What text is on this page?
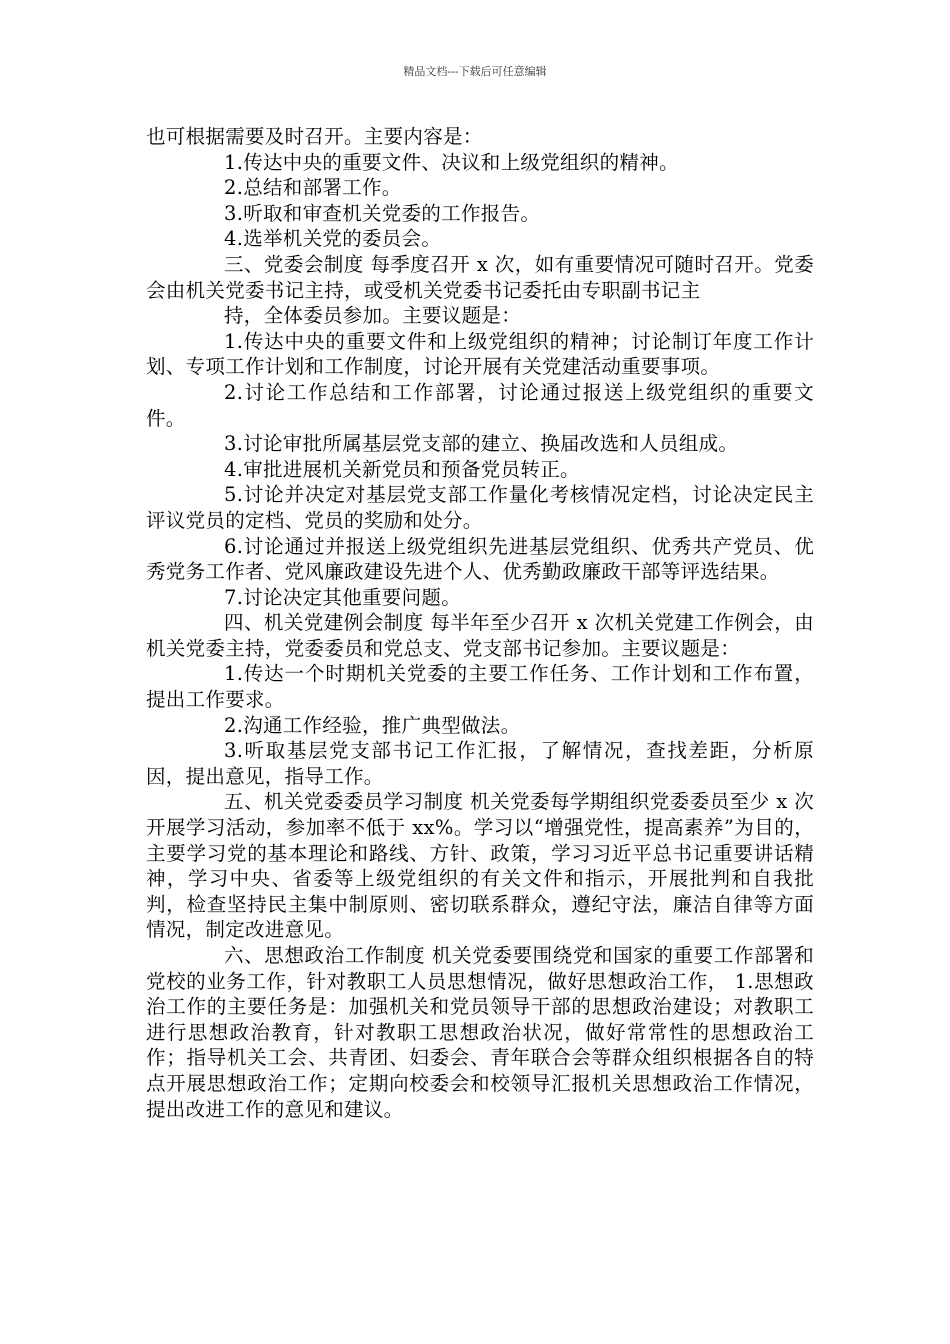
精品文档---下载后可任意编辑

也可根据需要及时召开。主要内容是：

1.传达中央的重要文件、决议和上级党组织的精神。

2.总结和部署工作。

3.听取和审查机关党委的工作报告。

4.选举机关党的委员会。

三、党委会制度 每季度召开 x 次，如有重要情况可随时召开。党委会由机关党委书记主持，或受机关党委书记委托由专职副书记主

持，全体委员参加。主要议题是：

1.传达中央的重要文件和上级党组织的精神；讨论制订年度工作计划、专项工作计划和工作制度，讨论开展有关党建活动重要事项。

2.讨论工作总结和工作部署，讨论通过报送上级党组织的重要文件。

3.讨论审批所属基层党支部的建立、换届改选和人员组成。

4.审批进展机关新党员和预备党员转正。

5.讨论并决定对基层党支部工作量化考核情况定档，讨论决定民主评议党员的定档、党员的奖励和处分。

6.讨论通过并报送上级党组织先进基层党组织、优秀共产党员、优秀党务工作者、党风廉政建设先进个人、优秀勤政廉政干部等评选结果。

7.讨论决定其他重要问题。

四、机关党建例会制度 每半年至少召开 x 次机关党建工作例会，由机关党委主持，党委委员和党总支、党支部书记参加。主要议题是：

1.传达一个时期机关党委的主要工作任务、工作计划和工作布置，提出工作要求。

2.沟通工作经验，推广典型做法。

3.听取基层党支部书记工作汇报，了解情况，查找差距，分析原因，提出意见，指导工作。

五、机关党委委员学习制度 机关党委每学期组织党委委员至少 x 次开展学习活动，参加率不低于 xx%。学习以“增强党性，提高素养”为目的，主要学习党的基本理论和路线、方针、政策，学习习近平总书记重要讲话精神，学习中央、省委等上级党组织的有关文件和指示，开展批判和自我批判，检查坚持民主集中制原则、密切联系群众，遵纪守法，廉洁自律等方面情况，制定改进意见。

六、思想政治工作制度 机关党委要围绕党和国家的重要工作部署和党校的业务工作，针对教职工人员思想情况，做好思想政治工作， 1.思想政治工作的主要任务是：加强机关和党员领导干部的思想政治建设；对教职工进行思想政治教育，针对教职工思想政治状况，做好常常性的思想政治工作；指导机关工会、共青团、妇委会、青年联合会等群众组织根据各自的特点开展思想政治工作；定期向校委会和校领导汇报机关思想政治工作情况，提出改进工作的意见和建议。
